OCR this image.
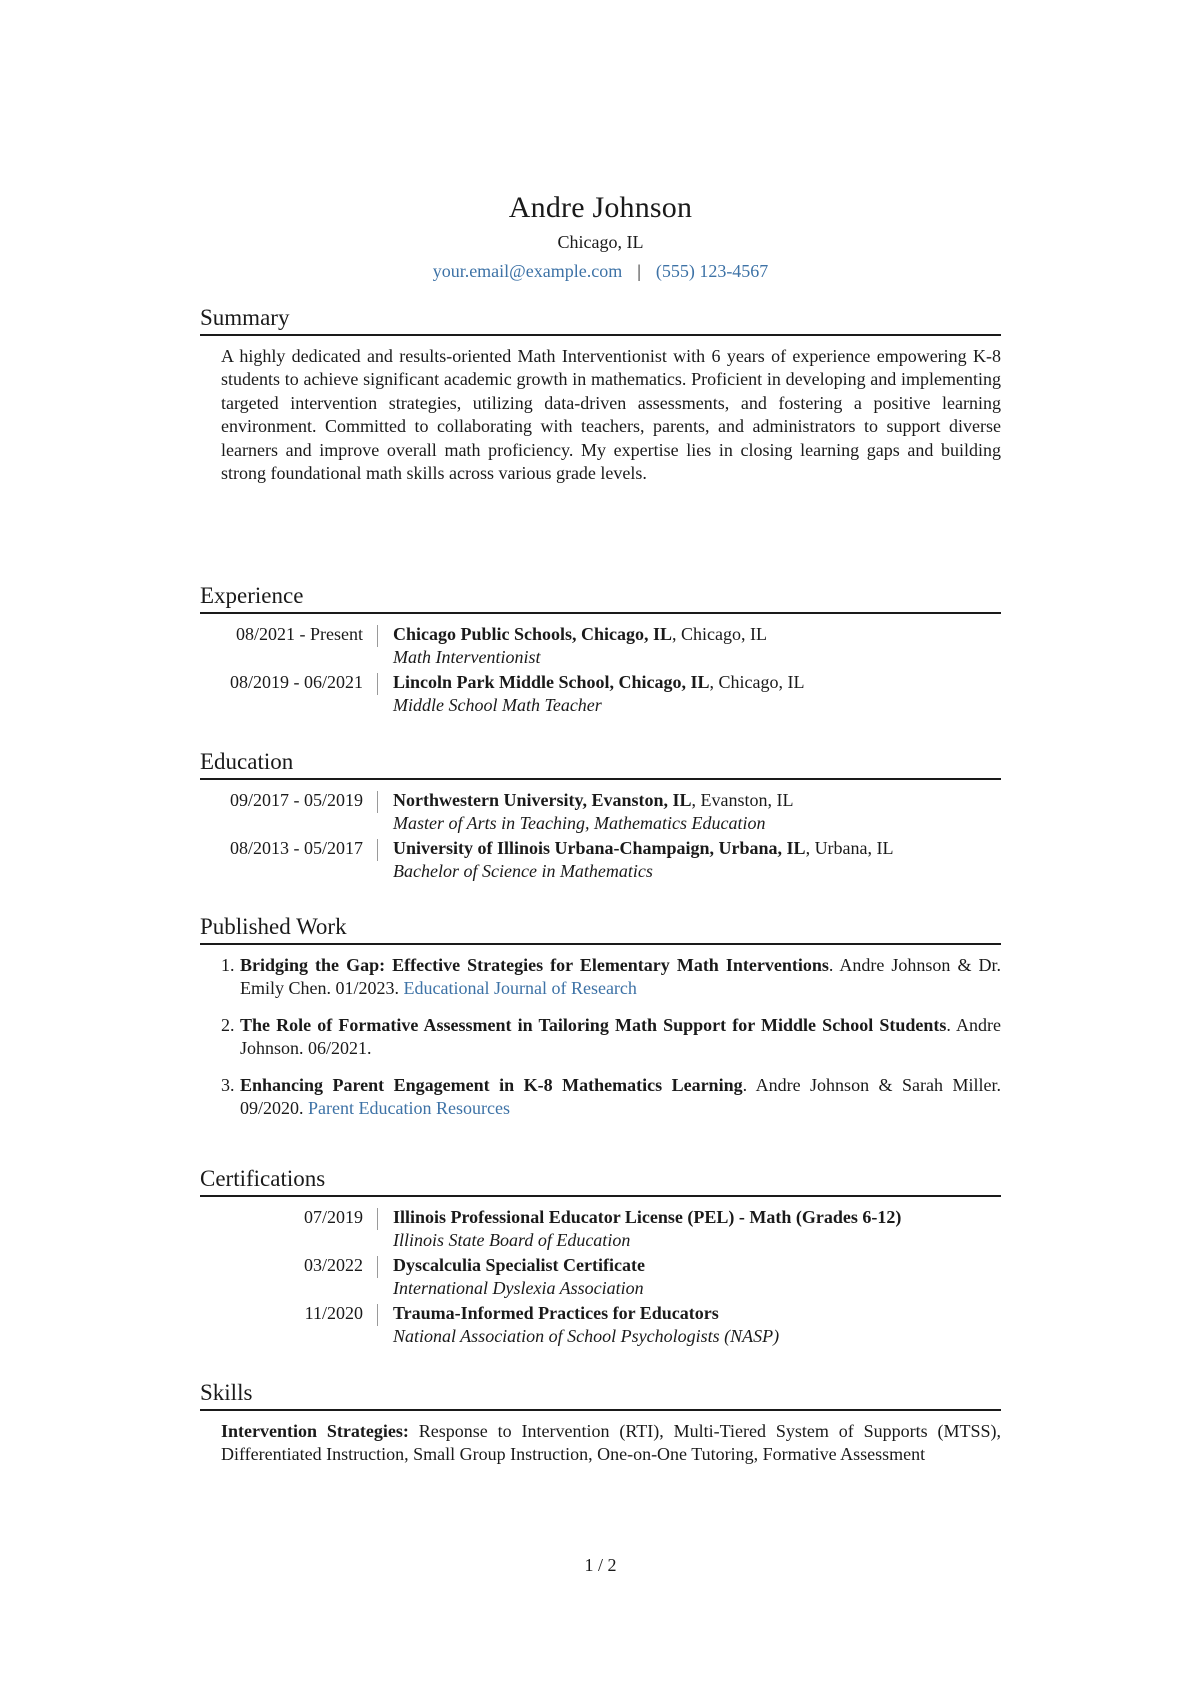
Andre Johnson
Chicago, IL
your.email@example.com | (555) 123-4567
Summary
A highly dedicated and results-oriented Math Interventionist with 6 years of experience empowering K-8 students to achieve significant academic growth in mathematics. Proficient in developing and implementing targeted intervention strategies, utilizing data-driven assessments, and fostering a positive learning environment. Committed to collaborating with teachers, parents, and administrators to support diverse learners and improve overall math proficiency. My expertise lies in closing learning gaps and building strong foundational math skills across various grade levels.
Experience
08/2021 - Present	Chicago Public Schools, Chicago, IL, Chicago, IL
Math Interventionist
08/2019 - 06/2021	Lincoln Park Middle School, Chicago, IL, Chicago, IL
Middle School Math Teacher
Education
09/2017 - 05/2019	Northwestern University, Evanston, IL, Evanston, IL
Master of Arts in Teaching, Mathematics Education
08/2013 - 05/2017	University of Illinois Urbana-Champaign, Urbana, IL, Urbana, IL
Bachelor of Science in Mathematics
Published Work
1. Bridging the Gap: Effective Strategies for Elementary Math Interventions. Andre Johnson & Dr. Emily Chen. 01/2023. Educational Journal of Research
2. The Role of Formative Assessment in Tailoring Math Support for Middle School Students. Andre Johnson. 06/2021.
3. Enhancing Parent Engagement in K-8 Mathematics Learning. Andre Johnson & Sarah Miller. 09/2020. Parent Education Resources
Certifications
07/2019	Illinois Professional Educator License (PEL) - Math (Grades 6-12)
Illinois State Board of Education
03/2022	Dyscalculia Specialist Certificate
International Dyslexia Association
11/2020	Trauma-Informed Practices for Educators
National Association of School Psychologists (NASP)
Skills
Intervention Strategies: Response to Intervention (RTI), Multi-Tiered System of Supports (MTSS), Differentiated Instruction, Small Group Instruction, One-on-One Tutoring, Formative Assessment
1 / 2
